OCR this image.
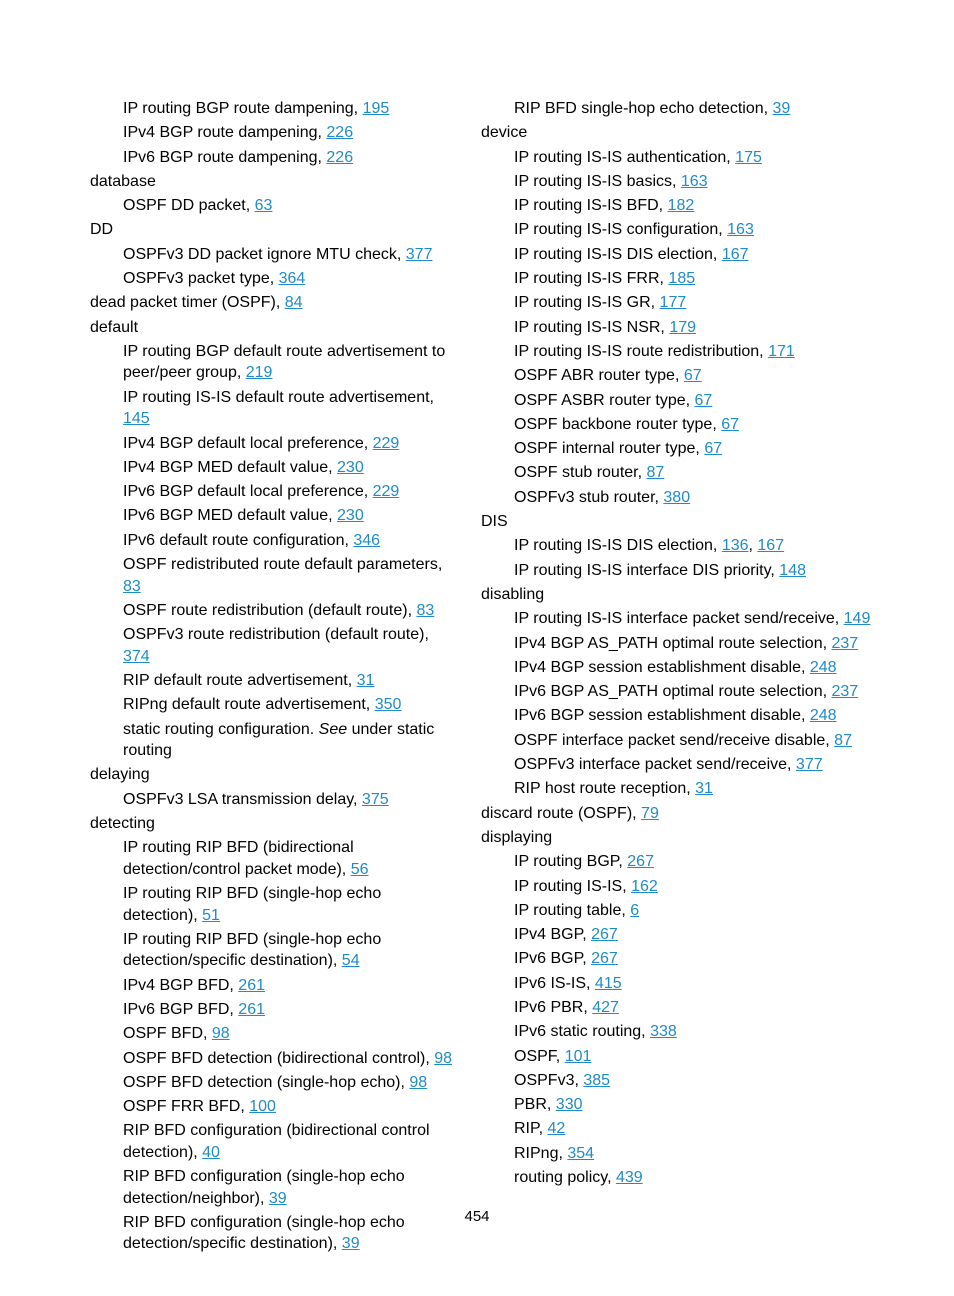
IP routing BGP route dampening, 195
IPv4 BGP route dampening, 226
IPv6 BGP route dampening, 226
database
OSPF DD packet, 63
DD
OSPFv3 DD packet ignore MTU check, 377
OSPFv3 packet type, 364
dead packet timer (OSPF), 84
default
IP routing BGP default route advertisement to peer/peer group, 219
IP routing IS-IS default route advertisement, 145
IPv4 BGP default local preference, 229
IPv4 BGP MED default value, 230
IPv6 BGP default local preference, 229
IPv6 BGP MED default value, 230
IPv6 default route configuration, 346
OSPF redistributed route default parameters, 83
OSPF route redistribution (default route), 83
OSPFv3 route redistribution (default route), 374
RIP default route advertisement, 31
RIPng default route advertisement, 350
static routing configuration. See under static routing
delaying
OSPFv3 LSA transmission delay, 375
detecting
IP routing RIP BFD (bidirectional detection/control packet mode), 56
IP routing RIP BFD (single-hop echo detection), 51
IP routing RIP BFD (single-hop echo detection/specific destination), 54
IPv4 BGP BFD, 261
IPv6 BGP BFD, 261
OSPF BFD, 98
OSPF BFD detection (bidirectional control), 98
OSPF BFD detection (single-hop echo), 98
OSPF FRR BFD, 100
RIP BFD configuration (bidirectional control detection), 40
RIP BFD configuration (single-hop echo detection/neighbor), 39
RIP BFD configuration (single-hop echo detection/specific destination), 39
RIP BFD single-hop echo detection, 39
device
IP routing IS-IS authentication, 175
IP routing IS-IS basics, 163
IP routing IS-IS BFD, 182
IP routing IS-IS configuration, 163
IP routing IS-IS DIS election, 167
IP routing IS-IS FRR, 185
IP routing IS-IS GR, 177
IP routing IS-IS NSR, 179
IP routing IS-IS route redistribution, 171
OSPF ABR router type, 67
OSPF ASBR router type, 67
OSPF backbone router type, 67
OSPF internal router type, 67
OSPF stub router, 87
OSPFv3 stub router, 380
DIS
IP routing IS-IS DIS election, 136, 167
IP routing IS-IS interface DIS priority, 148
disabling
IP routing IS-IS interface packet send/receive, 149
IPv4 BGP AS_PATH optimal route selection, 237
IPv4 BGP session establishment disable, 248
IPv6 BGP AS_PATH optimal route selection, 237
IPv6 BGP session establishment disable, 248
OSPF interface packet send/receive disable, 87
OSPFv3 interface packet send/receive, 377
RIP host route reception, 31
discard route (OSPF), 79
displaying
IP routing BGP, 267
IP routing IS-IS, 162
IP routing table, 6
IPv4 BGP, 267
IPv6 BGP, 267
IPv6 IS-IS, 415
IPv6 PBR, 427
IPv6 static routing, 338
OSPF, 101
OSPFv3, 385
PBR, 330
RIP, 42
RIPng, 354
routing policy, 439
454
